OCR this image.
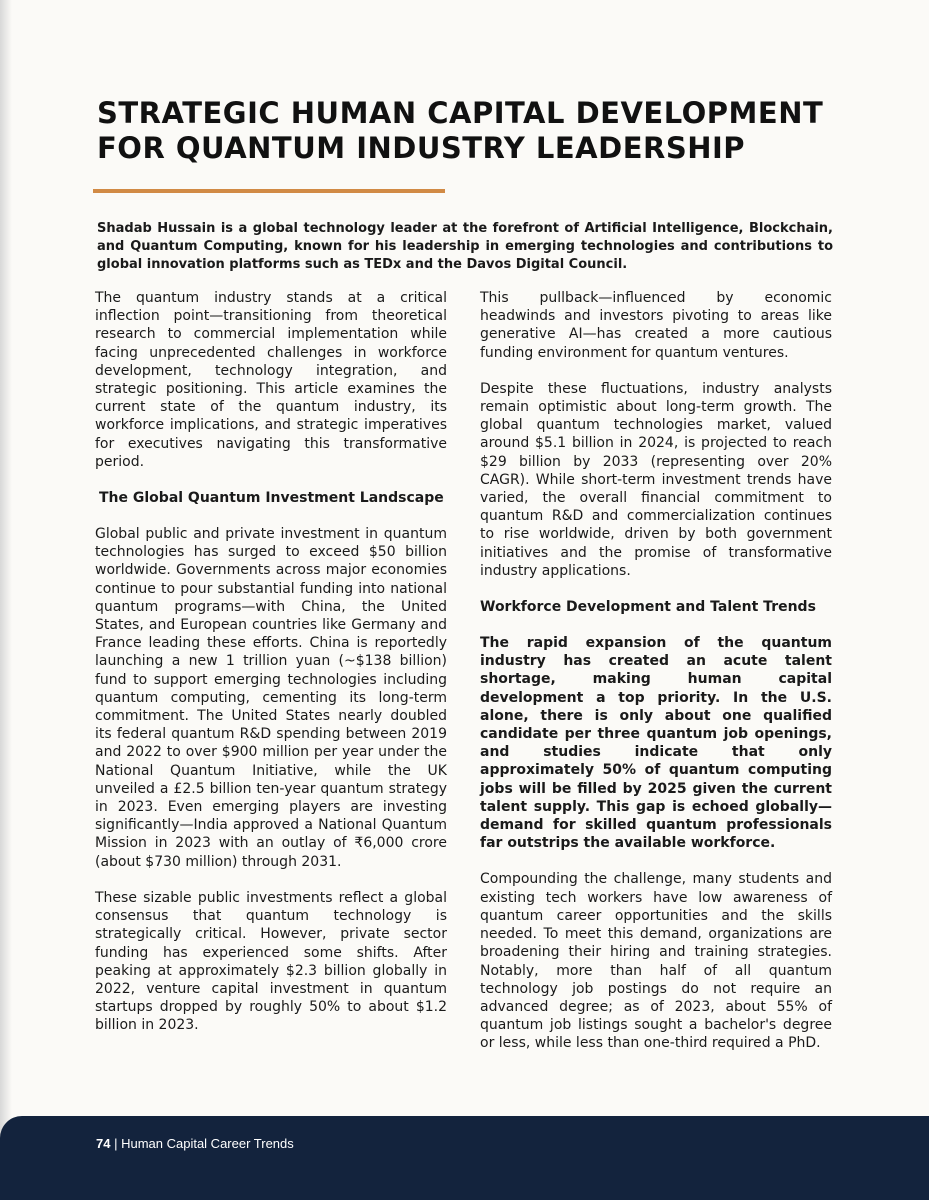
STRATEGIC HUMAN CAPITAL DEVELOPMENT FOR QUANTUM INDUSTRY LEADERSHIP

Shadab Hussain is a global technology leader at the forefront of Artificial Intelligence, Blockchain, and Quantum Computing, known for his leadership in emerging technologies and contributions to global innovation platforms such as TEDx and the Davos Digital Council.

The quantum industry stands at a critical inflection point—transitioning from theoretical research to commercial implementation while facing unprecedented challenges in workforce development, technology integration, and strategic positioning. This article examines the current state of the quantum industry, its workforce implications, and strategic imperatives for executives navigating this transformative period.

The Global Quantum Investment Landscape

Global public and private investment in quantum technologies has surged to exceed $50 billion worldwide. Governments across major economies continue to pour substantial funding into national quantum programs—with China, the United States, and European countries like Germany and France leading these efforts. China is reportedly launching a new 1 trillion yuan (~$138 billion) fund to support emerging technologies including quantum computing, cementing its long-term commitment. The United States nearly doubled its federal quantum R&D spending between 2019 and 2022 to over $900 million per year under the National Quantum Initiative, while the UK unveiled a £2.5 billion ten-year quantum strategy in 2023. Even emerging players are investing significantly—India approved a National Quantum Mission in 2023 with an outlay of ₹6,000 crore (about $730 million) through 2031.

These sizable public investments reflect a global consensus that quantum technology is strategically critical. However, private sector funding has experienced some shifts. After peaking at approximately $2.3 billion globally in 2022, venture capital investment in quantum startups dropped by roughly 50% to about $1.2 billion in 2023.

This pullback—influenced by economic headwinds and investors pivoting to areas like generative AI—has created a more cautious funding environment for quantum ventures.

Despite these fluctuations, industry analysts remain optimistic about long-term growth. The global quantum technologies market, valued around $5.1 billion in 2024, is projected to reach $29 billion by 2033 (representing over 20% CAGR). While short-term investment trends have varied, the overall financial commitment to quantum R&D and commercialization continues to rise worldwide, driven by both government initiatives and the promise of transformative industry applications.

Workforce Development and Talent Trends

The rapid expansion of the quantum industry has created an acute talent shortage, making human capital development a top priority. In the U.S. alone, there is only about one qualified candidate per three quantum job openings, and studies indicate that only approximately 50% of quantum computing jobs will be filled by 2025 given the current talent supply. This gap is echoed globally—demand for skilled quantum professionals far outstrips the available workforce.

Compounding the challenge, many students and existing tech workers have low awareness of quantum career opportunities and the skills needed. To meet this demand, organizations are broadening their hiring and training strategies. Notably, more than half of all quantum technology job postings do not require an advanced degree; as of 2023, about 55% of quantum job listings sought a bachelor's degree or less, while less than one-third required a PhD.

74 | Human Capital Career Trends
